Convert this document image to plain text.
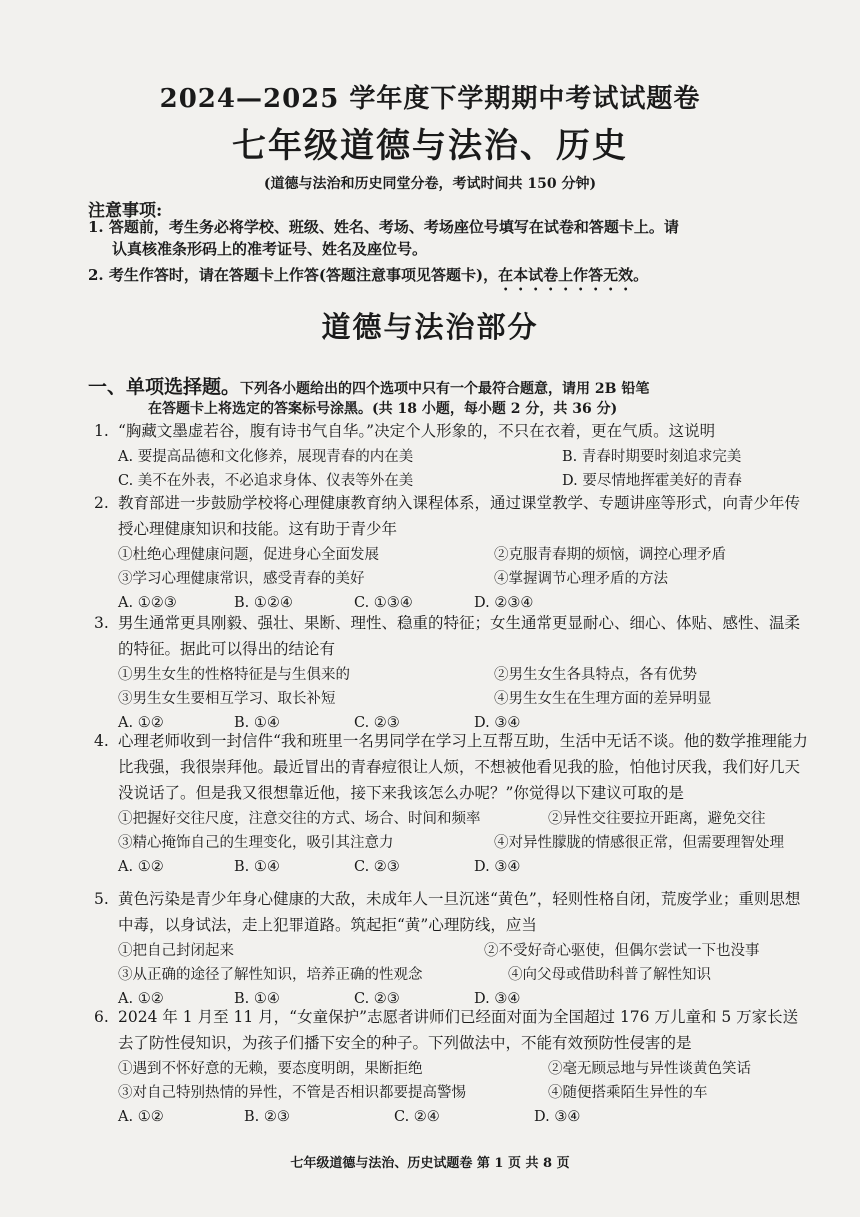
2024—2025 学年度下学期期中考试试题卷
七年级道德与法治、历史
(道德与法治和历史同堂分卷，考试时间共 150 分钟)
注意事项:
1. 答题前，考生务必将学校、班级、姓名、考场、考场座位号填写在试卷和答题卡上。请
认真核准条形码上的准考证号、姓名及座位号。
2. 考生作答时，请在答题卡上作答(答题注意事项见答题卡)，在本试卷上作答无效。
道德与法治部分
一、单项选择题。下列各小题给出的四个选项中只有一个最符合题意，请用 2B 铅笔
在答题卡上将选定的答案标号涂黑。(共 18 小题，每小题 2 分，共 36 分)
1. “胸藏文墨虚若谷，腹有诗书气自华。”决定个人形象的，不只在衣着，更在气质。这说明
A. 要提高品德和文化修养，展现青春的内在美	B. 青春时期要时刻追求完美
C. 美不在外表，不必追求身体、仪表等外在美	D. 要尽情地挥霍美好的青春
2. 教育部进一步鼓励学校将心理健康教育纳入课程体系，通过课堂教学、专题讲座等形式，向青少年传授心理健康知识和技能。这有助于青少年
①杜绝心理健康问题，促进身心全面发展	②克服青春期的烦恼，调控心理矛盾
③学习心理健康常识，感受青春的美好	④掌握调节心理矛盾的方法
A. ①②③	B. ①②④	C. ①③④	D. ②③④
3. 男生通常更具刚毅、强壮、果断、理性、稳重的特征；女生通常更显耐心、细心、体贴、感性、温柔的特征。据此可以得出的结论有
①男生女生的性格特征是与生俱来的	②男生女生各具特点，各有优势
③男生女生要相互学习、取长补短	④男生女生在生理方面的差异明显
A. ①②	B. ①④	C. ②③	D. ③④
4. 心理老师收到一封信件“我和班里一名男同学在学习上互帮互助，生活中无话不谈。他的数学推理能力比我强，我很崇拜他。最近冒出的青春痘很让人烦，不想被他看见我的脸，怕他讨厌我，我们好几天没说话了。但是我又很想靠近他，接下来我该怎么办呢？”你觉得以下建议可取的是
①把握好交往尺度，注意交往的方式、场合、时间和频率	②异性交往要拉开距离，避免交往
③精心掩饰自己的生理变化，吸引其注意力	④对异性朦胧的情感很正常，但需要理智处理
A. ①②	B. ①④	C. ②③	D. ③④
5. 黄色污染是青少年身心健康的大敌，未成年人一旦沉迷“黄色”，轻则性格自闭，荒废学业；重则思想中毒，以身试法，走上犯罪道路。筑起拒“黄”心理防线，应当
①把自己封闭起来	②不受好奇心驱使，但偶尔尝试一下也没事
③从正确的途径了解性知识，培养正确的性观念	④向父母或借助科普了解性知识
A. ①②	B. ①④	C. ②③	D. ③④
6. 2024 年 1 月至 11 月，“女童保护”志愿者讲师们已经面对面为全国超过 176 万儿童和 5 万家长送去了防性侵知识，为孩子们播下安全的种子。下列做法中，不能有效预防性侵害的是
①遇到不怀好意的无赖，要态度明朗，果断拒绝	②毫无顾忌地与异性谈黄色笑话
③对自己特别热情的异性，不管是否相识都要提高警惕	④随便搭乘陌生异性的车
A. ①②	B. ②③	C. ②④	D. ③④
七年级道德与法治、历史试题卷 第 1 页 共 8 页
